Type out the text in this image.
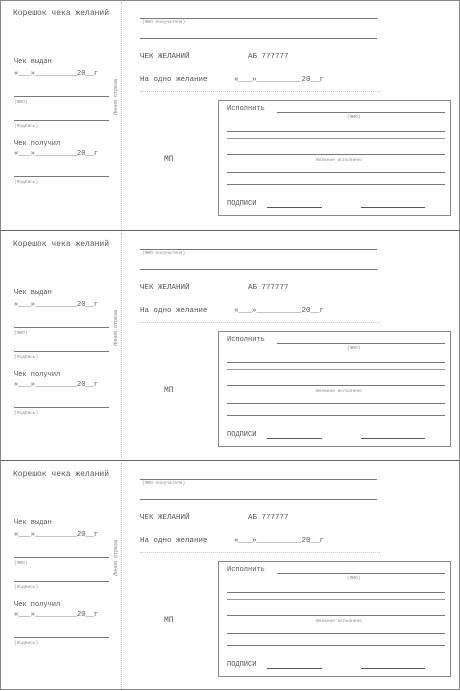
Корешок чека желаний
Чек выдан
«___»__________20__г
(ФИО)
(Подпись)
Чек получил
«___»__________20__г
(Подпись)
Линия отреза
(ФИО получателя)
ЧЕК ЖЕЛАНИЙ	АБ 777777
На одно желание	«___»__________20__г
МП
Исполнить
(ФИО)
Желание исполнено
ПОДПИСИ
Корешок чека желаний
Чек выдан
«___»__________20__г
(ФИО)
(Подпись)
Чек получил
«___»__________20__г
(Подпись)
Линия отреза
(ФИО получателя)
ЧЕК ЖЕЛАНИЙ	АБ 777777
На одно желание	«___»__________20__г
МП
Исполнить
(ФИО)
Желание исполнено
ПОДПИСИ
Корешок чека желаний
Чек выдан
«___»__________20__г
(ФИО)
(Подпись)
Чек получил
«___»__________20__г
(Подпись)
Линия отреза
(ФИО получателя)
ЧЕК ЖЕЛАНИЙ	АБ 777777
На одно желание	«___»__________20__г
МП
Исполнить
(ФИО)
Желание исполнено
ПОДПИСИ
